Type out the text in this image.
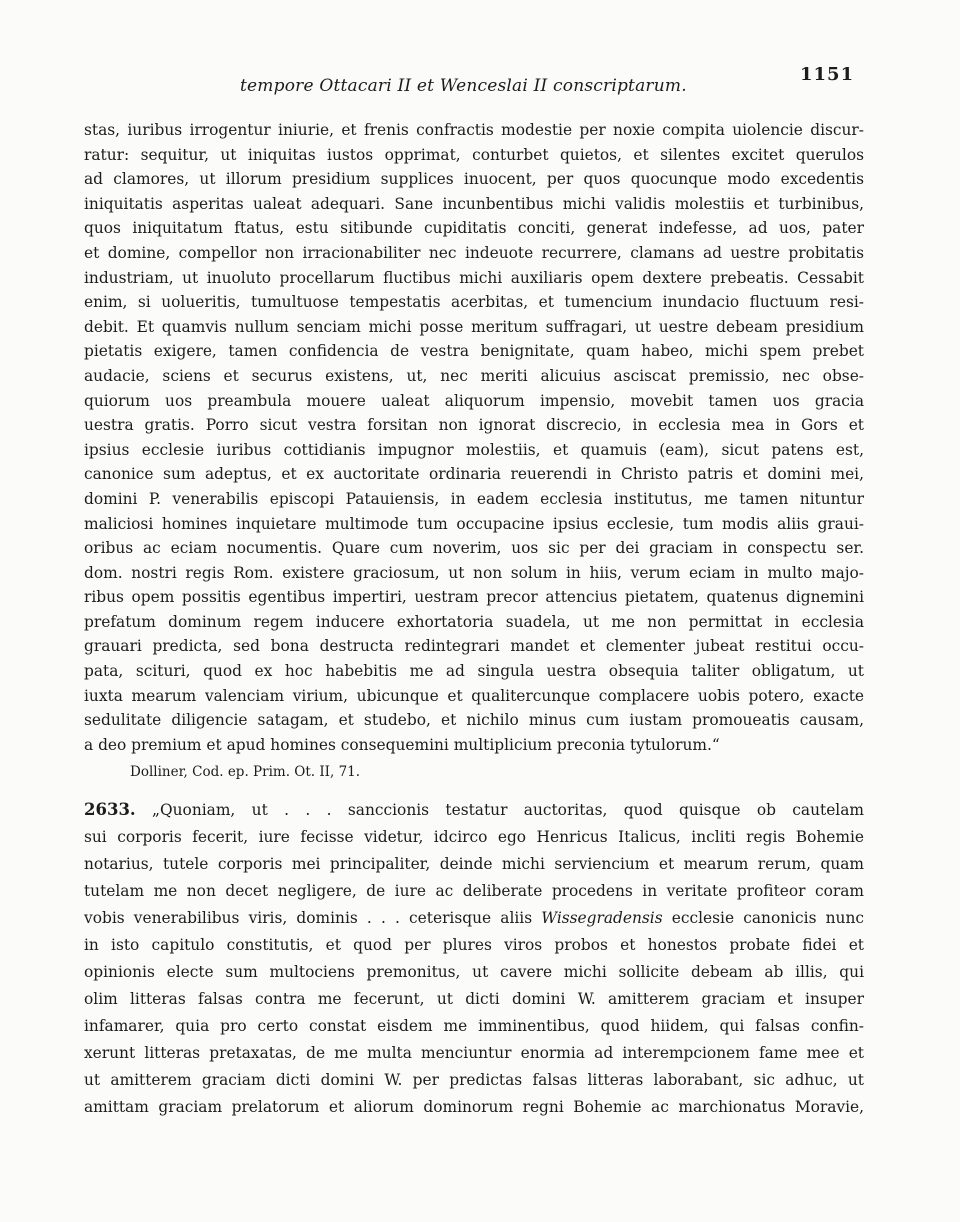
tempore Ottacari II et Wenceslai II conscriptarum.
1151
stas, iuribus irrogentur iniurie, et frenis confractis modestie per noxie compita uiolencie discur-
ratur: sequitur, ut iniquitas iustos opprimat, conturbet quietos, et silentes excitet querulos
ad clamores, ut illorum presidium supplices inuocent, per quos quocunque modo excedentis
iniquitatis asperitas ualeat adequari. Sane incunbentibus michi validis molestiis et turbinibus,
quos iniquitatum ftatus, estu sitibunde cupiditatis conciti, generat indefesse, ad uos, pater
et domine, compellor non irracionabiliter nec indeuote recurrere, clamans ad uestre probitatis
industriam, ut inuoluto procellarum fluctibus michi auxiliaris opem dextere prebeatis. Cessabit
enim, si uolueritis, tumultuose tempestatis acerbitas, et tumencium inundacio fluctuum resi-
debit. Et quamvis nullum senciam michi posse meritum suffragari, ut uestre debeam presidium
pietatis exigere, tamen confidencia de vestra benignitate, quam habeo, michi spem prebet
audacie, sciens et securus existens, ut, nec meriti alicuius asciscat premissio, nec obse-
quiorum uos preambula mouere ualeat aliquorum impensio, movebit tamen uos gracia
uestra gratis. Porro sicut vestra forsitan non ignorat discrecio, in ecclesia mea in Gors et
ipsius ecclesie iuribus cottidianis impugnor molestiis, et quamuis (eam), sicut patens est,
canonice sum adeptus, et ex auctoritate ordinaria reuerendi in Christo patris et domini mei,
domini P. venerabilis episcopi Patauiensis, in eadem ecclesia institutus, me tamen nituntur
maliciosi homines inquietare multimode tum occupacine ipsius ecclesie, tum modis aliis graui-
oribus ac eciam nocumentis. Quare cum noverim, uos sic per dei graciam in conspectu ser.
dom. nostri regis Rom. existere graciosum, ut non solum in hiis, verum eciam in multo majo-
ribus opem possitis egentibus impertiri, uestram precor attencius pietatem, quatenus dignemini
prefatum dominum regem inducere exhortatoria suadela, ut me non permittat in ecclesia
grauari predicta, sed bona destructa redintegrari mandet et clementer jubeat restitui occu-
pata, scituri, quod ex hoc habebitis me ad singula uestra obsequia taliter obligatum, ut
iuxta mearum valenciam virium, ubicunque et qualitercunque complacere uobis potero, exacte
sedulitate diligencie satagam, et studebo, et nichilo minus cum iustam promoueatis causam,
a deo premium et apud homines consequemini multiplicium preconia tytulorum.“
Dolliner, Cod. ep. Prim. Ot. II, 71.
2633. „Quoniam, ut . . . sanccionis testatur auctoritas, quod quisque ob cautelam
sui corporis fecerit, iure fecisse videtur, idcirco ego Henricus Italicus, incliti regis Bohemie
notarius, tutele corporis mei principaliter, deinde michi serviencium et mearum rerum, quam
tutelam me non decet negligere, de iure ac deliberate procedens in veritate profiteor coram
vobis venerabilibus viris, dominis . . . ceterisque aliis Wissegradensis ecclesie canonicis nunc
in isto capitulo constitutis, et quod per plures viros probos et honestos probate fidei et
opinionis electe sum multociens premonitus, ut cavere michi sollicite debeam ab illis, qui
olim litteras falsas contra me fecerunt, ut dicti domini W. amitterem graciam et insuper
infamarer, quia pro certo constat eisdem me imminentibus, quod hiidem, qui falsas confin-
xerunt litteras pretaxatas, de me multa menciuntur enormia ad interempcionem fame mee et
ut amitterem graciam dicti domini W. per predictas falsas litteras laborabant, sic adhuc, ut
amittam graciam prelatorum et aliorum dominorum regni Bohemie ac marchionatus Moravie,
